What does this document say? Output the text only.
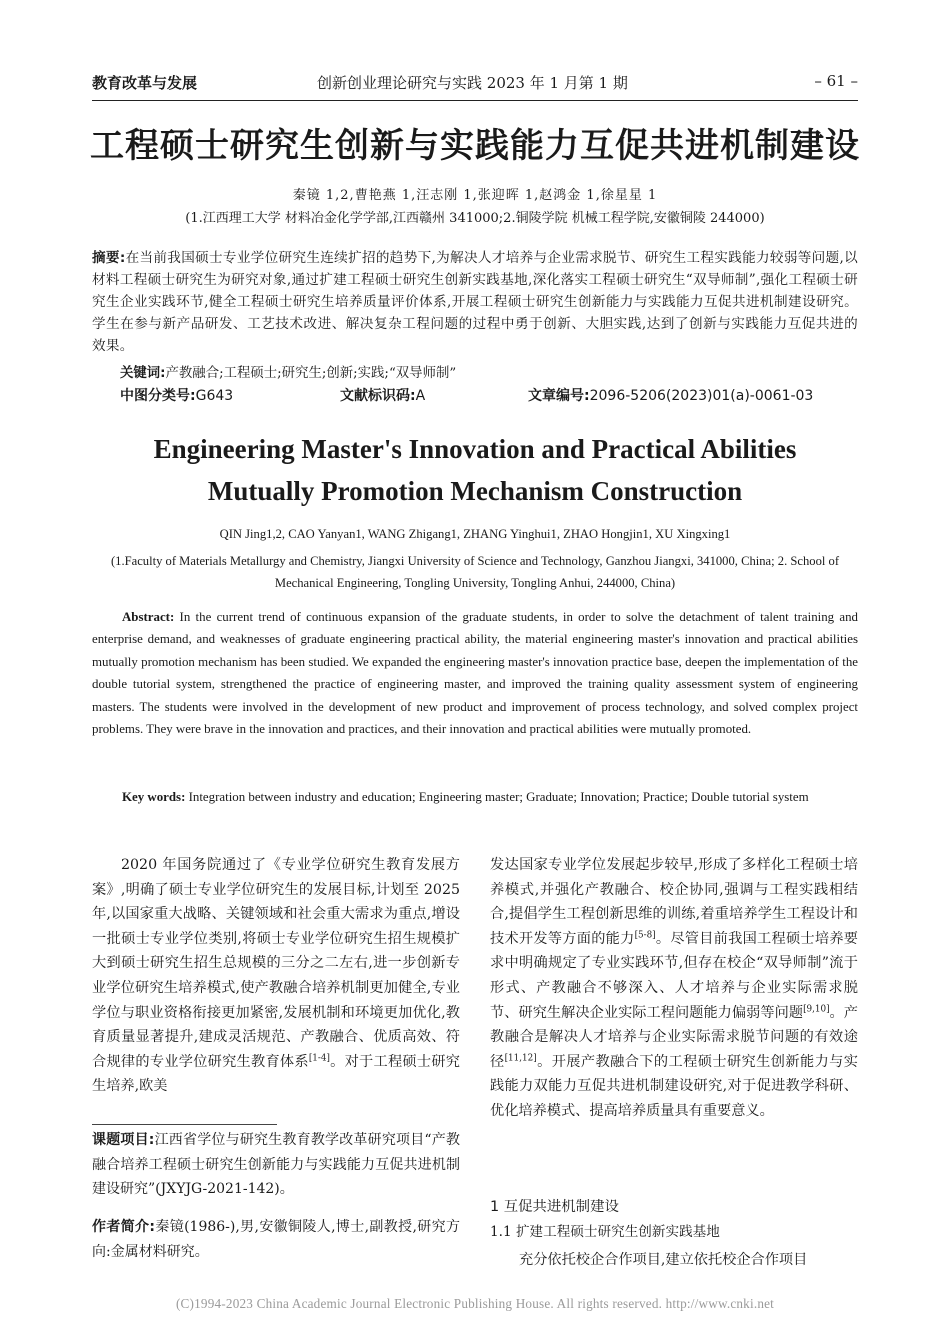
教育改革与发展	创新创业理论研究与实践 2023 年 1 月第 1 期	– 61 –
工程硕士研究生创新与实践能力互促共进机制建设
秦镜 1,2,曹艳燕 1,汪志刚 1,张迎晖 1,赵鸿金 1,徐星星 1
(1.江西理工大学 材料冶金化学学部,江西赣州 341000;2.铜陵学院 机械工程学院,安徽铜陵 244000)
摘要:在当前我国硕士专业学位研究生连续扩招的趋势下,为解决人才培养与企业需求脱节、研究生工程实践能力较弱等问题,以材料工程硕士研究生为研究对象,通过扩建工程硕士研究生创新实践基地,深化落实工程硕士研究生“双导师制”,强化工程硕士研究生企业实践环节,健全工程硕士研究生培养质量评价体系,开展工程硕士研究生创新能力与实践能力互促共进机制建设研究。学生在参与新产品研发、工艺技术改进、解决复杂工程问题的过程中勇于创新、大胆实践,达到了创新与实践能力互促共进的效果。
关键词:产教融合;工程硕士;研究生;创新;实践;“双导师制”
中图分类号:G643	文献标识码:A	文章编号:2096-5206(2023)01(a)-0061-03
Engineering Master's Innovation and Practical Abilities
Mutually Promotion Mechanism Construction
QIN Jing1,2, CAO Yanyan1, WANG Zhigang1, ZHANG Yinghui1, ZHAO Hongjin1, XU Xingxing1
(1.Faculty of Materials Metallurgy and Chemistry, Jiangxi University of Science and Technology, Ganzhou Jiangxi, 341000, China; 2. School of Mechanical Engineering, Tongling University, Tongling Anhui, 244000, China)
Abstract: In the current trend of continuous expansion of the graduate students, in order to solve the detachment of talent training and enterprise demand, and weaknesses of graduate engineering practical ability, the material engineering master's innovation and practical abilities mutually promotion mechanism has been studied. We expanded the engineering master's innovation practice base, deepen the implementation of the double tutorial system, strengthened the practice of engineering master, and improved the training quality assessment system of engineering masters. The students were involved in the development of new product and improvement of process technology, and solved complex project problems. They were brave in the innovation and practices, and their innovation and practical abilities were mutually promoted.
Key words: Integration between industry and education; Engineering master; Graduate; Innovation; Practice; Double tutorial system
2020 年国务院通过了《专业学位研究生教育发展方案》,明确了硕士专业学位研究生的发展目标,计划至 2025 年,以国家重大战略、关键领域和社会重大需求为重点,增设一批硕士专业学位类别,将硕士专业学位研究生招生规模扩大到硕士研究生招生总规模的三分之二左右,进一步创新专业学位研究生培养模式,使产教融合培养机制更加健全,专业学位与职业资格衔接更加紧密,发展机制和环境更加优化,教育质量显著提升,建成灵活规范、产教融合、优质高效、符合规律的专业学位研究生教育体系[1-4]。对于工程硕士研究生培养,欧美
发达国家专业学位发展起步较早,形成了多样化工程硕士培养模式,并强化产教融合、校企协同,强调与工程实践相结合,提倡学生工程创新思维的训练,着重培养学生工程设计和技术开发等方面的能力[5-8]。尽管目前我国工程硕士培养要求中明确规定了专业实践环节,但存在校企“双导师制”流于形式、产教融合不够深入、人才培养与企业实际需求脱节、研究生解决企业实际工程问题能力偏弱等问题[9,10]。产教融合是解决人才培养与企业实际需求脱节问题的有效途径[11,12]。开展产教融合下的工程硕士研究生创新能力与实践能力双能力互促共进机制建设研究,对于促进教学科研、优化培养模式、提高培养质量具有重要意义。
课题项目:江西省学位与研究生教育教学改革研究项目“产教融合培养工程硕士研究生创新能力与实践能力互促共进机制建设研究”(JXYJG-2021-142)。
作者简介:秦镜(1986-),男,安徽铜陵人,博士,副教授,研究方向:金属材料研究。
1 互促共进机制建设
1.1 扩建工程硕士研究生创新实践基地
充分依托校企合作项目,建立依托校企合作项目
(C)1994-2023 China Academic Journal Electronic Publishing House. All rights reserved. http://www.cnki.net
